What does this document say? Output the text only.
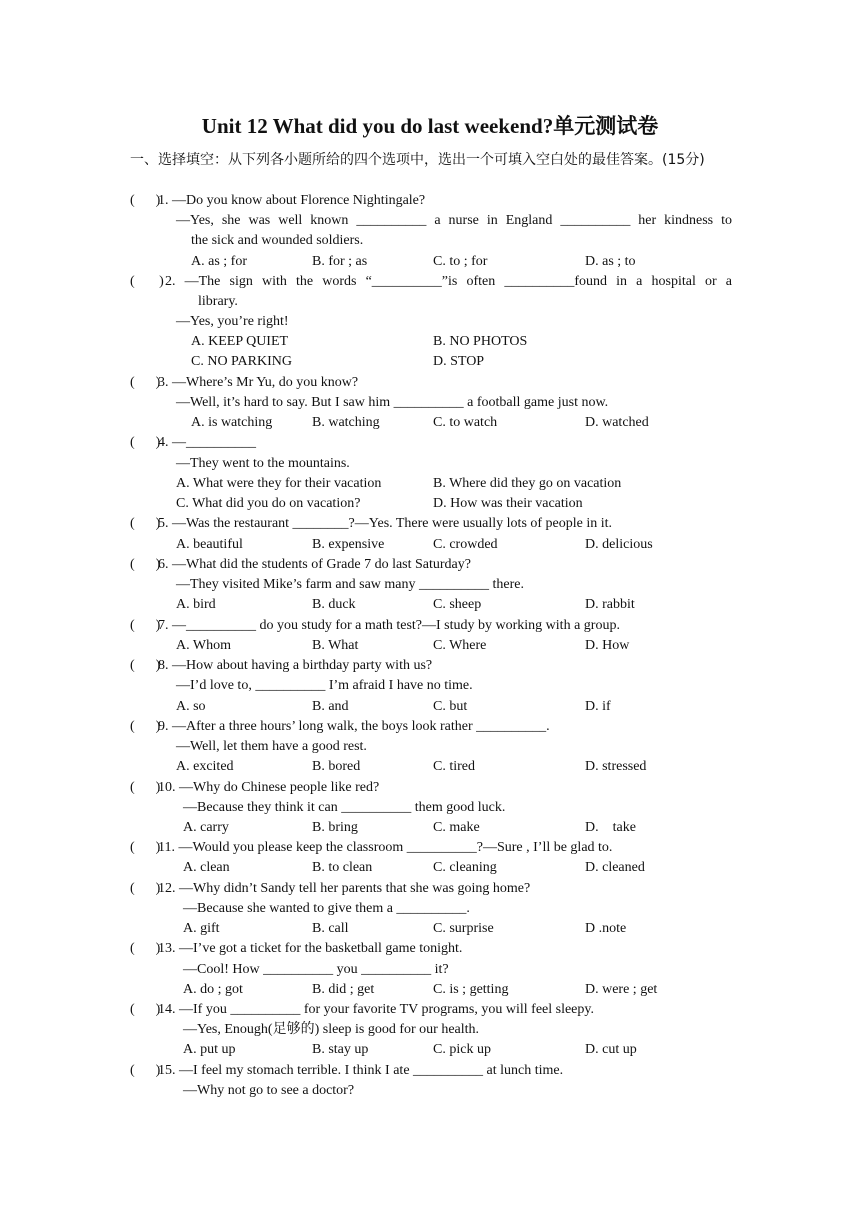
Unit 12 What did you do last weekend?单元测试卷
一、选择填空：从下列各小题所给的四个选项中，选出一个可填入空白处的最佳答案。(15分)
(      )
1. —Do you know about Florence Nightingale?
—Yes, she was well known __________ a nurse in England __________ her kindness to
the sick and wounded soldiers.
A. as ; for	B. for ; as	C. to ; for	D. as ; to
(       ) 2. —The sign with the words “__________”is often __________found in a hospital or a
library.
—Yes, you’re right!
A. KEEP QUIET	B. NO PHOTOS
C. NO PARKING	D. STOP
(      )
3. —Where’s Mr Yu, do you know?
—Well, it’s hard to say. But I saw him __________ a football game just now.
A. is watching	B. watching	C. to watch	D. watched
(      )
4. —__________
—They went to the mountains.
A. What were they for their vacation	B. Where did they go on vacation
C. What did you do on vacation?	D. How was their vacation
(      )
5. —Was the restaurant ________?—Yes. There were usually lots of people in it.
A. beautiful	B. expensive	C. crowded	D. delicious
(      )
6. —What did the students of Grade 7 do last Saturday?
—They visited Mike’s farm and saw many __________ there.
A. bird	B. duck	C. sheep	D. rabbit
(      )
7. —__________ do you study for a math test?—I study by working with a group.
A. Whom	B. What	C. Where	D. How
(      )
8. —How about having a birthday party with us?
—I’d love to, __________ I’m afraid I have no time.
A. so	B. and	C. but	D. if
(      )
9. —After a three hours’ long walk, the boys look rather __________.
—Well, let them have a good rest.
A. excited	B. bored	C. tired	D. stressed
(      )
10. —Why do Chinese people like red?
—Because they think it can __________ them good luck.
A. carry	B. bring	C. make	D.    take
(      )
11. —Would you please keep the classroom __________?—Sure , I’ll be glad to.
A. clean	B. to clean	C. cleaning	D. cleaned
(      )
12. —Why didn’t Sandy tell her parents that she was going home?
—Because she wanted to give them a __________.
A. gift	B. call	C. surprise	D .note
(      )
13. —I’ve got a ticket for the basketball game tonight.
—Cool! How __________ you __________ it?
A. do ; got	B. did ; get	C. is ; getting	D. were ; get
(      )
14. —If you __________ for your favorite TV programs, you will feel sleepy.
—Yes, Enough(足够的) sleep is good for our health.
A. put up	B. stay up	C. pick up	D. cut up
(      )
15. —I feel my stomach terrible. I think I ate __________ at lunch time.
—Why not go to see a doctor?
